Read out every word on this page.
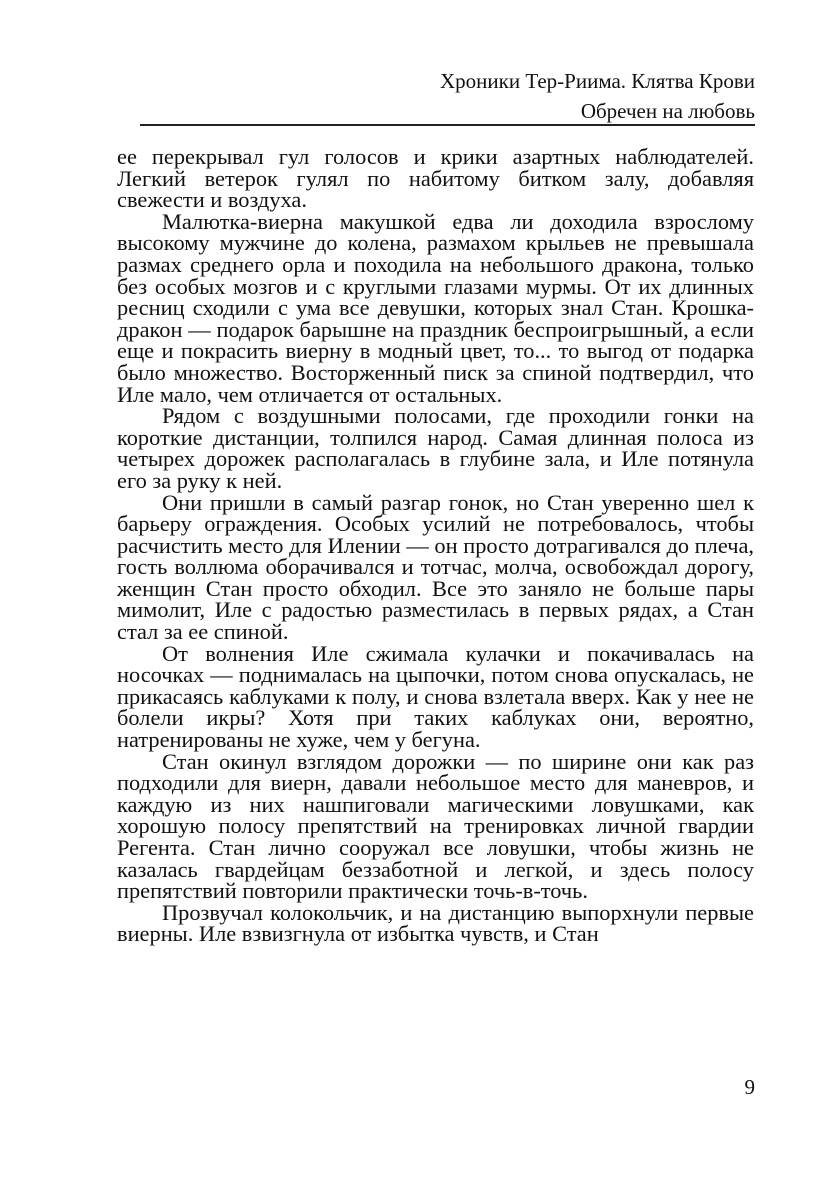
Хроники Тер-Риима. Клятва Крови
Обречен на любовь

ее перекрывал гул голосов и крики азартных наблюдателей. Легкий ветерок гулял по набитому битком залу, добавляя свежести и воздуха.

Малютка-виерна макушкой едва ли доходила взрослому высокому мужчине до колена, размахом крыльев не превышала размах среднего орла и походила на небольшого дракона, только без особых мозгов и с круглыми глазами мурмы. От их длинных ресниц сходили с ума все девушки, которых знал Стан. Крошка-дракон — подарок барышне на праздник беспроигрышный, а если еще и покрасить виерну в модный цвет, то... то выгод от подарка было множество. Восторженный писк за спиной подтвердил, что Иле мало, чем отличается от остальных.

Рядом с воздушными полосами, где проходили гонки на короткие дистанции, толпился народ. Самая длинная полоса из четырех дорожек располагалась в глубине зала, и Иле потянула его за руку к ней.

Они пришли в самый разгар гонок, но Стан уверенно шел к барьеру ограждения. Особых усилий не потребовалось, чтобы расчистить место для Илении — он просто дотрагивался до плеча, гость воллюма оборачивался и тотчас, молча, освобождал дорогу, женщин Стан просто обходил. Все это заняло не больше пары мимолит, Иле с радостью разместилась в первых рядах, а Стан стал за ее спиной.

От волнения Иле сжимала кулачки и покачивалась на носочках — поднималась на цыпочки, потом снова опускалась, не прикасаясь каблуками к полу, и снова взлетала вверх. Как у нее не болели икры? Хотя при таких каблуках они, вероятно, натренированы не хуже, чем у бегуна.

Стан окинул взглядом дорожки — по ширине они как раз подходили для виерн, давали небольшое место для маневров, и каждую из них нашпиговали магическими ловушками, как хорошую полосу препятствий на тренировках личной гвардии Регента. Стан лично сооружал все ловушки, чтобы жизнь не казалась гвардейцам беззаботной и легкой, и здесь полосу препятствий повторили практически точь-в-точь.

Прозвучал колокольчик, и на дистанцию выпорхнули первые виерны. Иле взвизгнула от избытка чувств, и Стан

9
